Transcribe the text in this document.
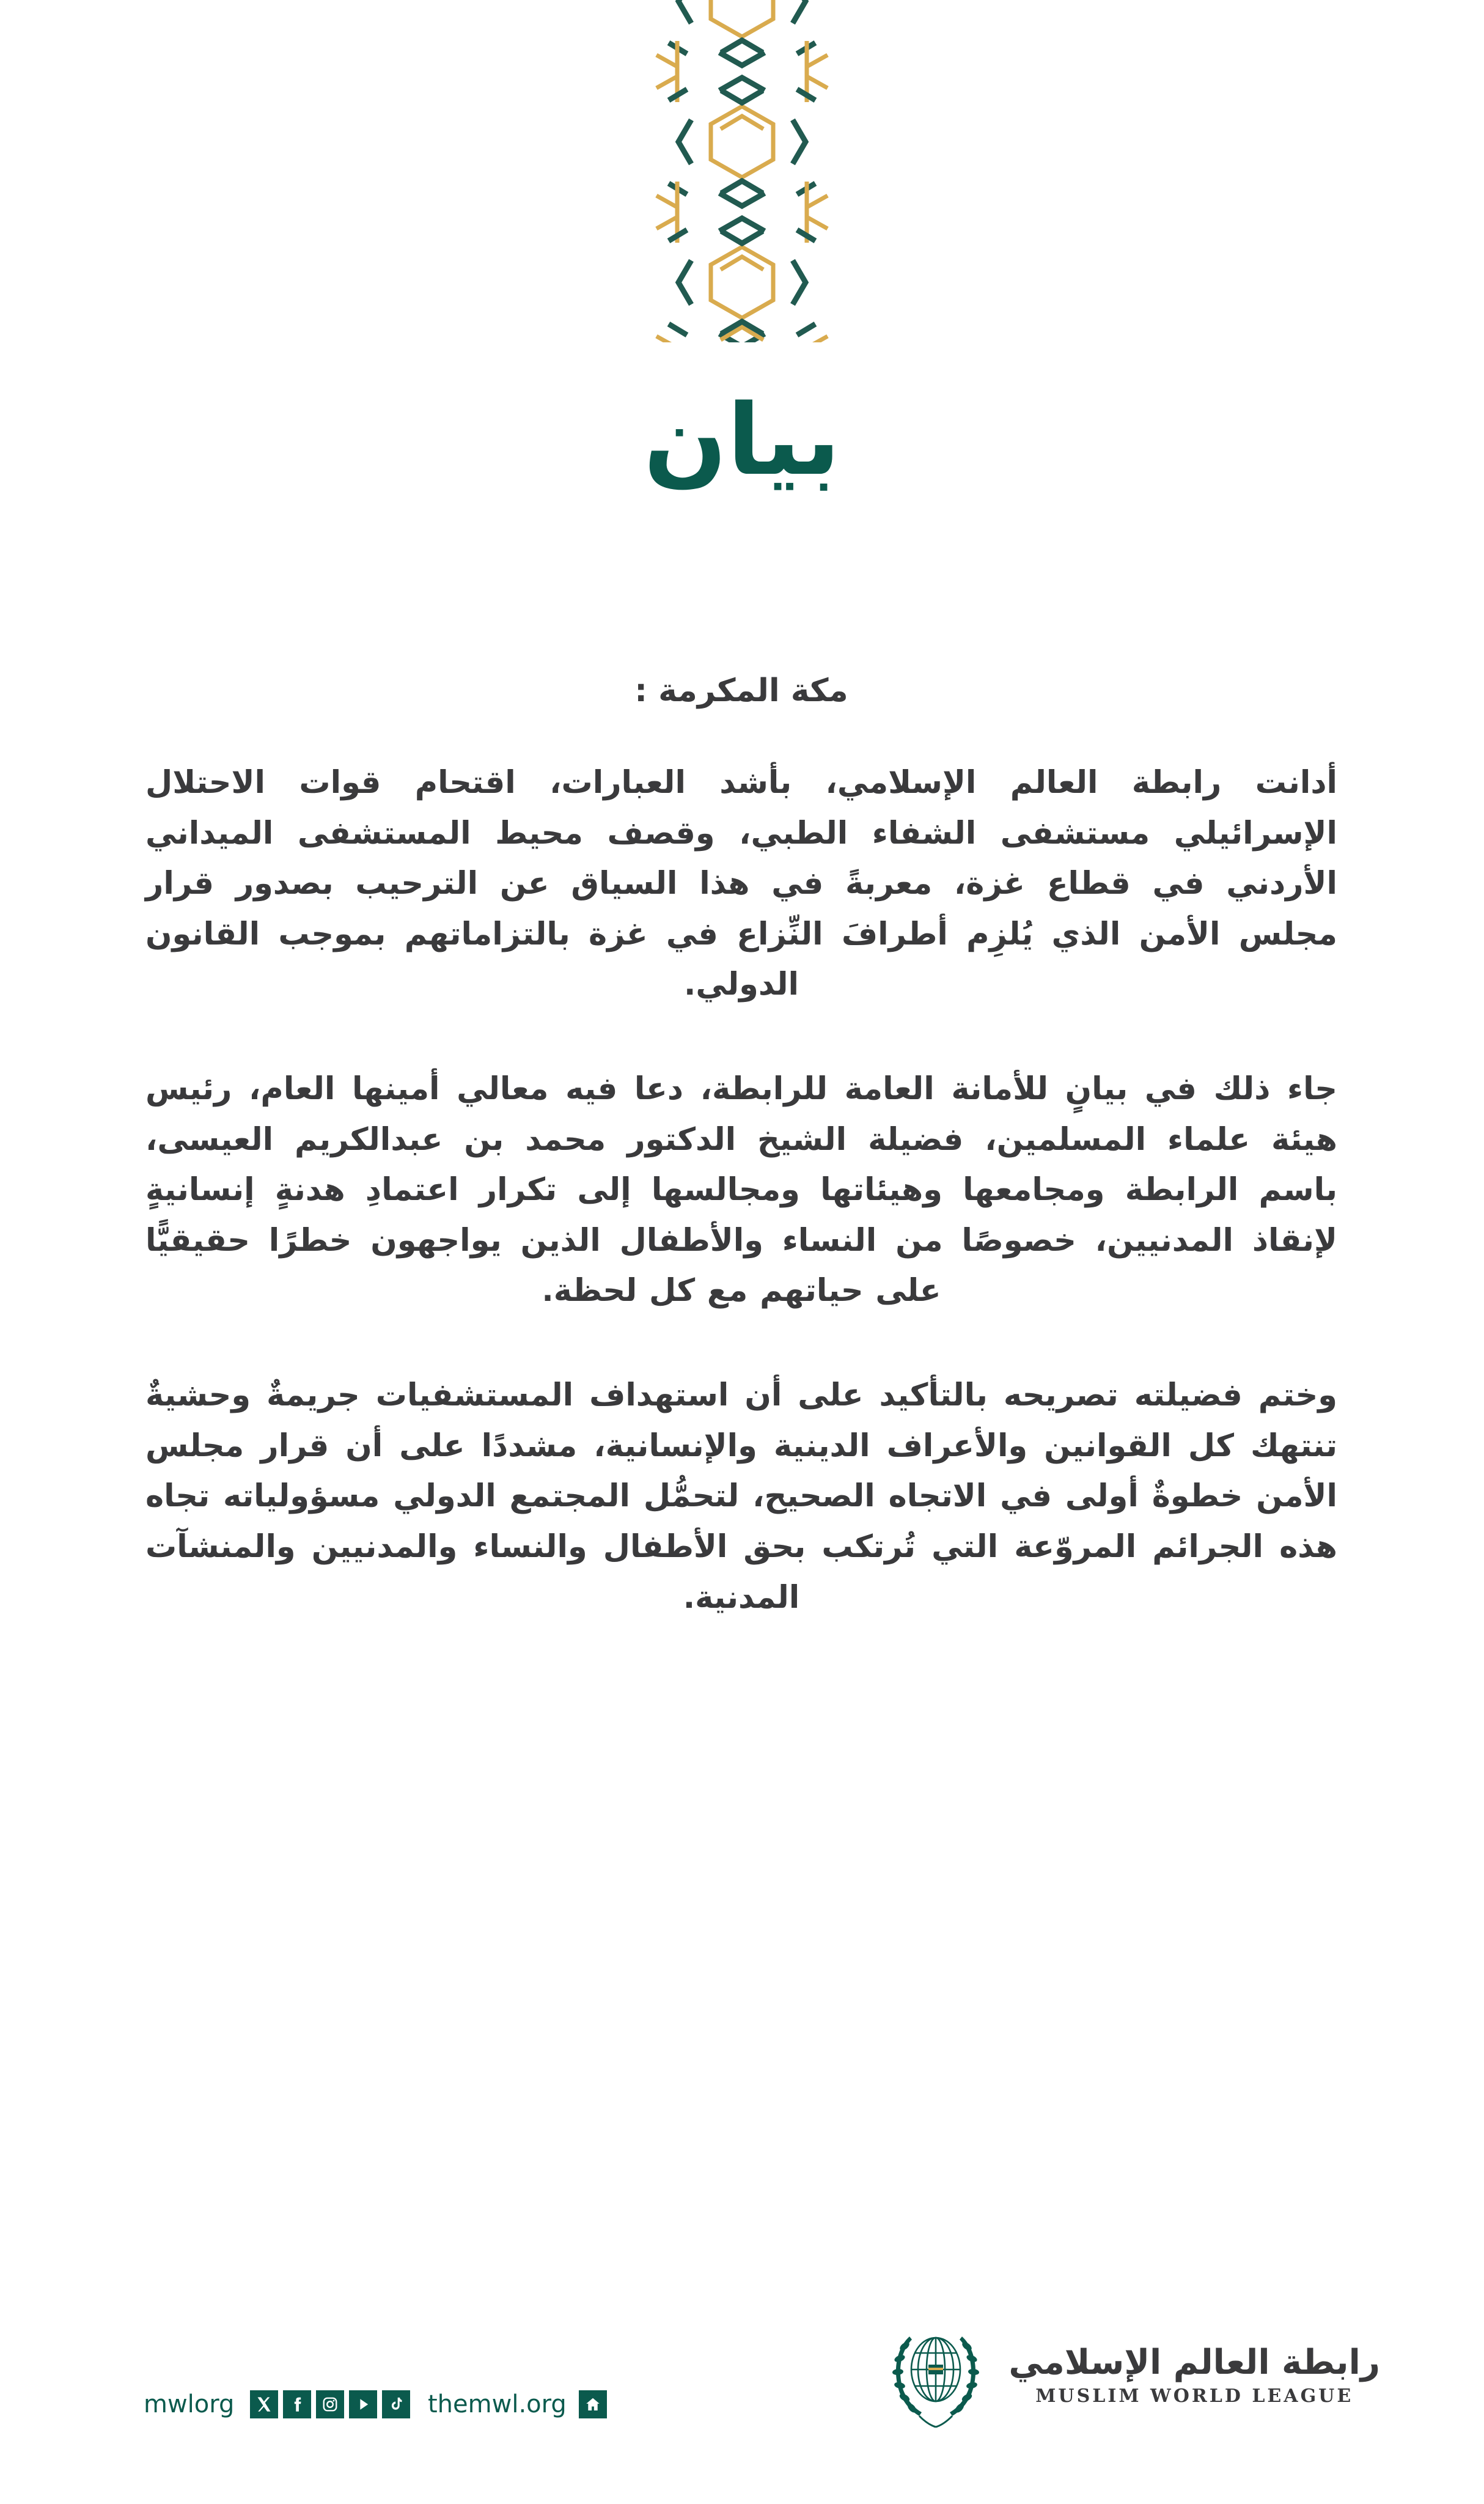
بيان
مكة المكرمة :

أدانت رابطة العالم الإسلامي، بأشد العبارات، اقتحام قوات الاحتلال الإسرائيلي مستشفى الشفاء الطبي، وقصف محيط المستشفى الميداني الأردني في قطاع غزة، معربةً في هذا السياق عن الترحيب بصدور قرار مجلس الأمن الذي يُلزِم أطرافَ النِّزاع في غزة بالتزاماتهم بموجب القانون الدولي.

جاء ذلك في بيانٍ للأمانة العامة للرابطة، دعا فيه معالي أمينها العام، رئيس هيئة علماء المسلمين، فضيلة الشيخ الدكتور محمد بن عبدالكريم العيسى، باسم الرابطة ومجامعها وهيئاتها ومجالسها إلى تكرار اعتمادِ هدنةٍ إنسانيةٍ لإنقاذ المدنيين، خصوصًا من النساء والأطفال الذين يواجهون خطرًا حقيقيًّا على حياتهم مع كل لحظة.

وختم فضيلته تصريحه بالتأكيد على أن استهداف المستشفيات جريمةٌ وحشيةٌ تنتهك كل القوانين والأعراف الدينية والإنسانية، مشددًا على أن قرار مجلس الأمن خطوةٌ أولى في الاتجاه الصحيح، لتحمُّل المجتمع الدولي مسؤولياته تجاه هذه الجرائم المروّعة التي تُرتكب بحق الأطفال والنساء والمدنيين والمنشآت المدنية.

mwlorg	themwl.org
رابطة العالم الإسلامي
MUSLIM WORLD LEAGUE
